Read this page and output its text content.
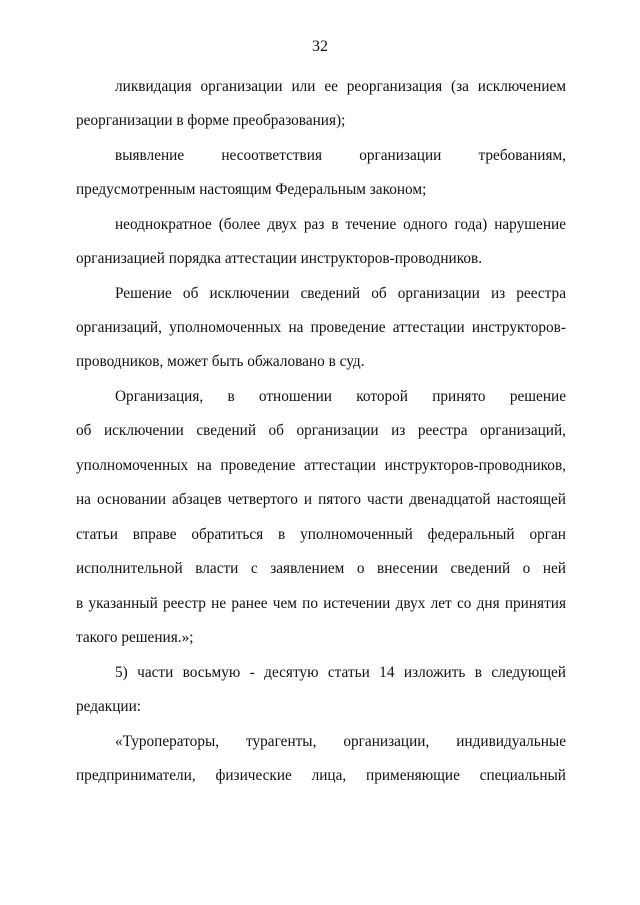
32
ликвидация организации или ее реорганизация (за исключением
реорганизации в форме преобразования);
выявление несоответствия организации требованиям,
предусмотренным настоящим Федеральным законом;
неоднократное (более двух раз в течение одного года) нарушение
организацией порядка аттестации инструкторов-проводников.
Решение об исключении сведений об организации из реестра
организаций, уполномоченных на проведение аттестации инструкторов-
проводников, может быть обжаловано в суд.
Организация, в отношении которой принято решение
об исключении сведений об организации из реестра организаций,
уполномоченных на проведение аттестации инструкторов-проводников,
на основании абзацев четвертого и пятого части двенадцатой настоящей
статьи вправе обратиться в уполномоченный федеральный орган
исполнительной власти с заявлением о внесении сведений о ней
в указанный реестр не ранее чем по истечении двух лет со дня принятия
такого решения.»;
5) части восьмую - десятую статьи 14 изложить в следующей
редакции:
«Туроператоры, турагенты, организации, индивидуальные
предприниматели, физические лица, применяющие специальный
